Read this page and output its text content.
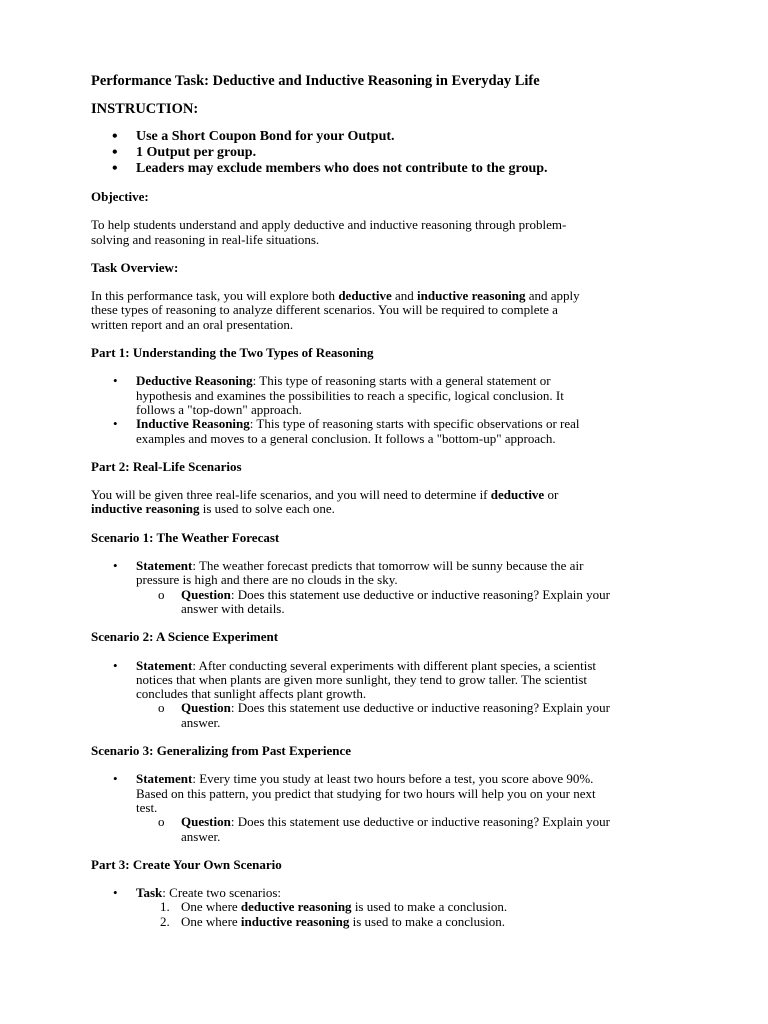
Performance Task: Deductive and Inductive Reasoning in Everyday Life
INSTRUCTION:
• Use a Short Coupon Bond for your Output.
• 1 Output per group.
• Leaders may exclude members who does not contribute to the group.
Objective:
To help students understand and apply deductive and inductive reasoning through problem-
solving and reasoning in real-life situations.
Task Overview:
In this performance task, you will explore both deductive and inductive reasoning and apply
these types of reasoning to analyze different scenarios. You will be required to complete a
written report and an oral presentation.
Part 1: Understanding the Two Types of Reasoning
• Deductive Reasoning: This type of reasoning starts with a general statement or
hypothesis and examines the possibilities to reach a specific, logical conclusion. It
follows a "top-down" approach.
• Inductive Reasoning: This type of reasoning starts with specific observations or real
examples and moves to a general conclusion. It follows a "bottom-up" approach.
Part 2: Real-Life Scenarios
You will be given three real-life scenarios, and you will need to determine if deductive or
inductive reasoning is used to solve each one.
Scenario 1: The Weather Forecast
• Statement: The weather forecast predicts that tomorrow will be sunny because the air
pressure is high and there are no clouds in the sky.
o Question: Does this statement use deductive or inductive reasoning? Explain your
answer with details.
Scenario 2: A Science Experiment
• Statement: After conducting several experiments with different plant species, a scientist
notices that when plants are given more sunlight, they tend to grow taller. The scientist
concludes that sunlight affects plant growth.
o Question: Does this statement use deductive or inductive reasoning? Explain your
answer.
Scenario 3: Generalizing from Past Experience
• Statement: Every time you study at least two hours before a test, you score above 90%.
Based on this pattern, you predict that studying for two hours will help you on your next
test.
o Question: Does this statement use deductive or inductive reasoning? Explain your
answer.
Part 3: Create Your Own Scenario
• Task: Create two scenarios:
1. One where deductive reasoning is used to make a conclusion.
2. One where inductive reasoning is used to make a conclusion.
